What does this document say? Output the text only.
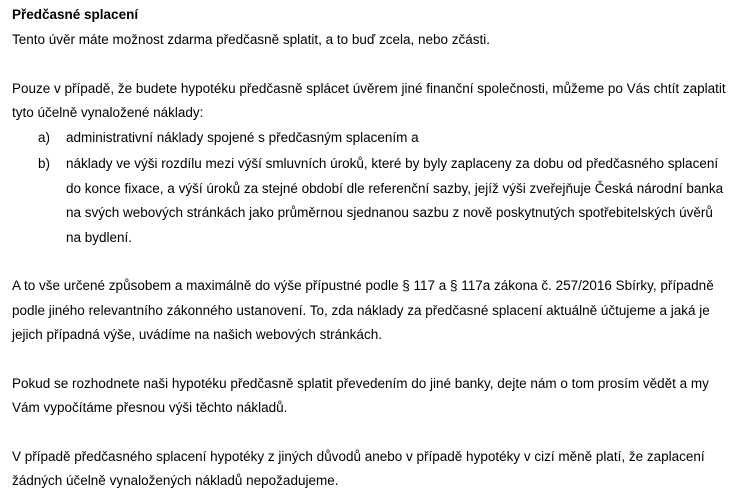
Předčasné splacení

Tento úvěr máte možnost zdarma předčasně splatit, a to buď zcela, nebo zčásti.

Pouze v případě, že budete hypotéku předčasně splácet úvěrem jiné finanční společnosti, můžeme po Vás chtít zaplatit tyto účelně vynaložené náklady:

a)	administrativní náklady spojené s předčasným splacením a
b)	náklady ve výši rozdílu mezi výší smluvních úroků, které by byly zaplaceny za dobu od předčasného splacení do konce fixace, a výší úroků za stejné období dle referenční sazby, jejíž výši zveřejňuje Česká národní banka na svých webových stránkách jako průměrnou sjednanou sazbu z nově poskytnutých spotřebitelských úvěrů na bydlení.

A to vše určené způsobem a maximálně do výše přípustné podle § 117 a § 117a zákona č. 257/2016 Sbírky, případně podle jiného relevantního zákonného ustanovení. To, zda náklady za předčasné splacení aktuálně účtujeme a jaká je jejich případná výše, uvádíme na našich webových stránkách.

Pokud se rozhodnete naši hypotéku předčasně splatit převedením do jiné banky, dejte nám o tom prosím vědět a my Vám vypočítáme přesnou výši těchto nákladů.

V případě předčasného splacení hypotéky z jiných důvodů anebo v případě hypotéky v cizí měně platí, že zaplacení žádných účelně vynaložených nákladů nepožadujeme.
